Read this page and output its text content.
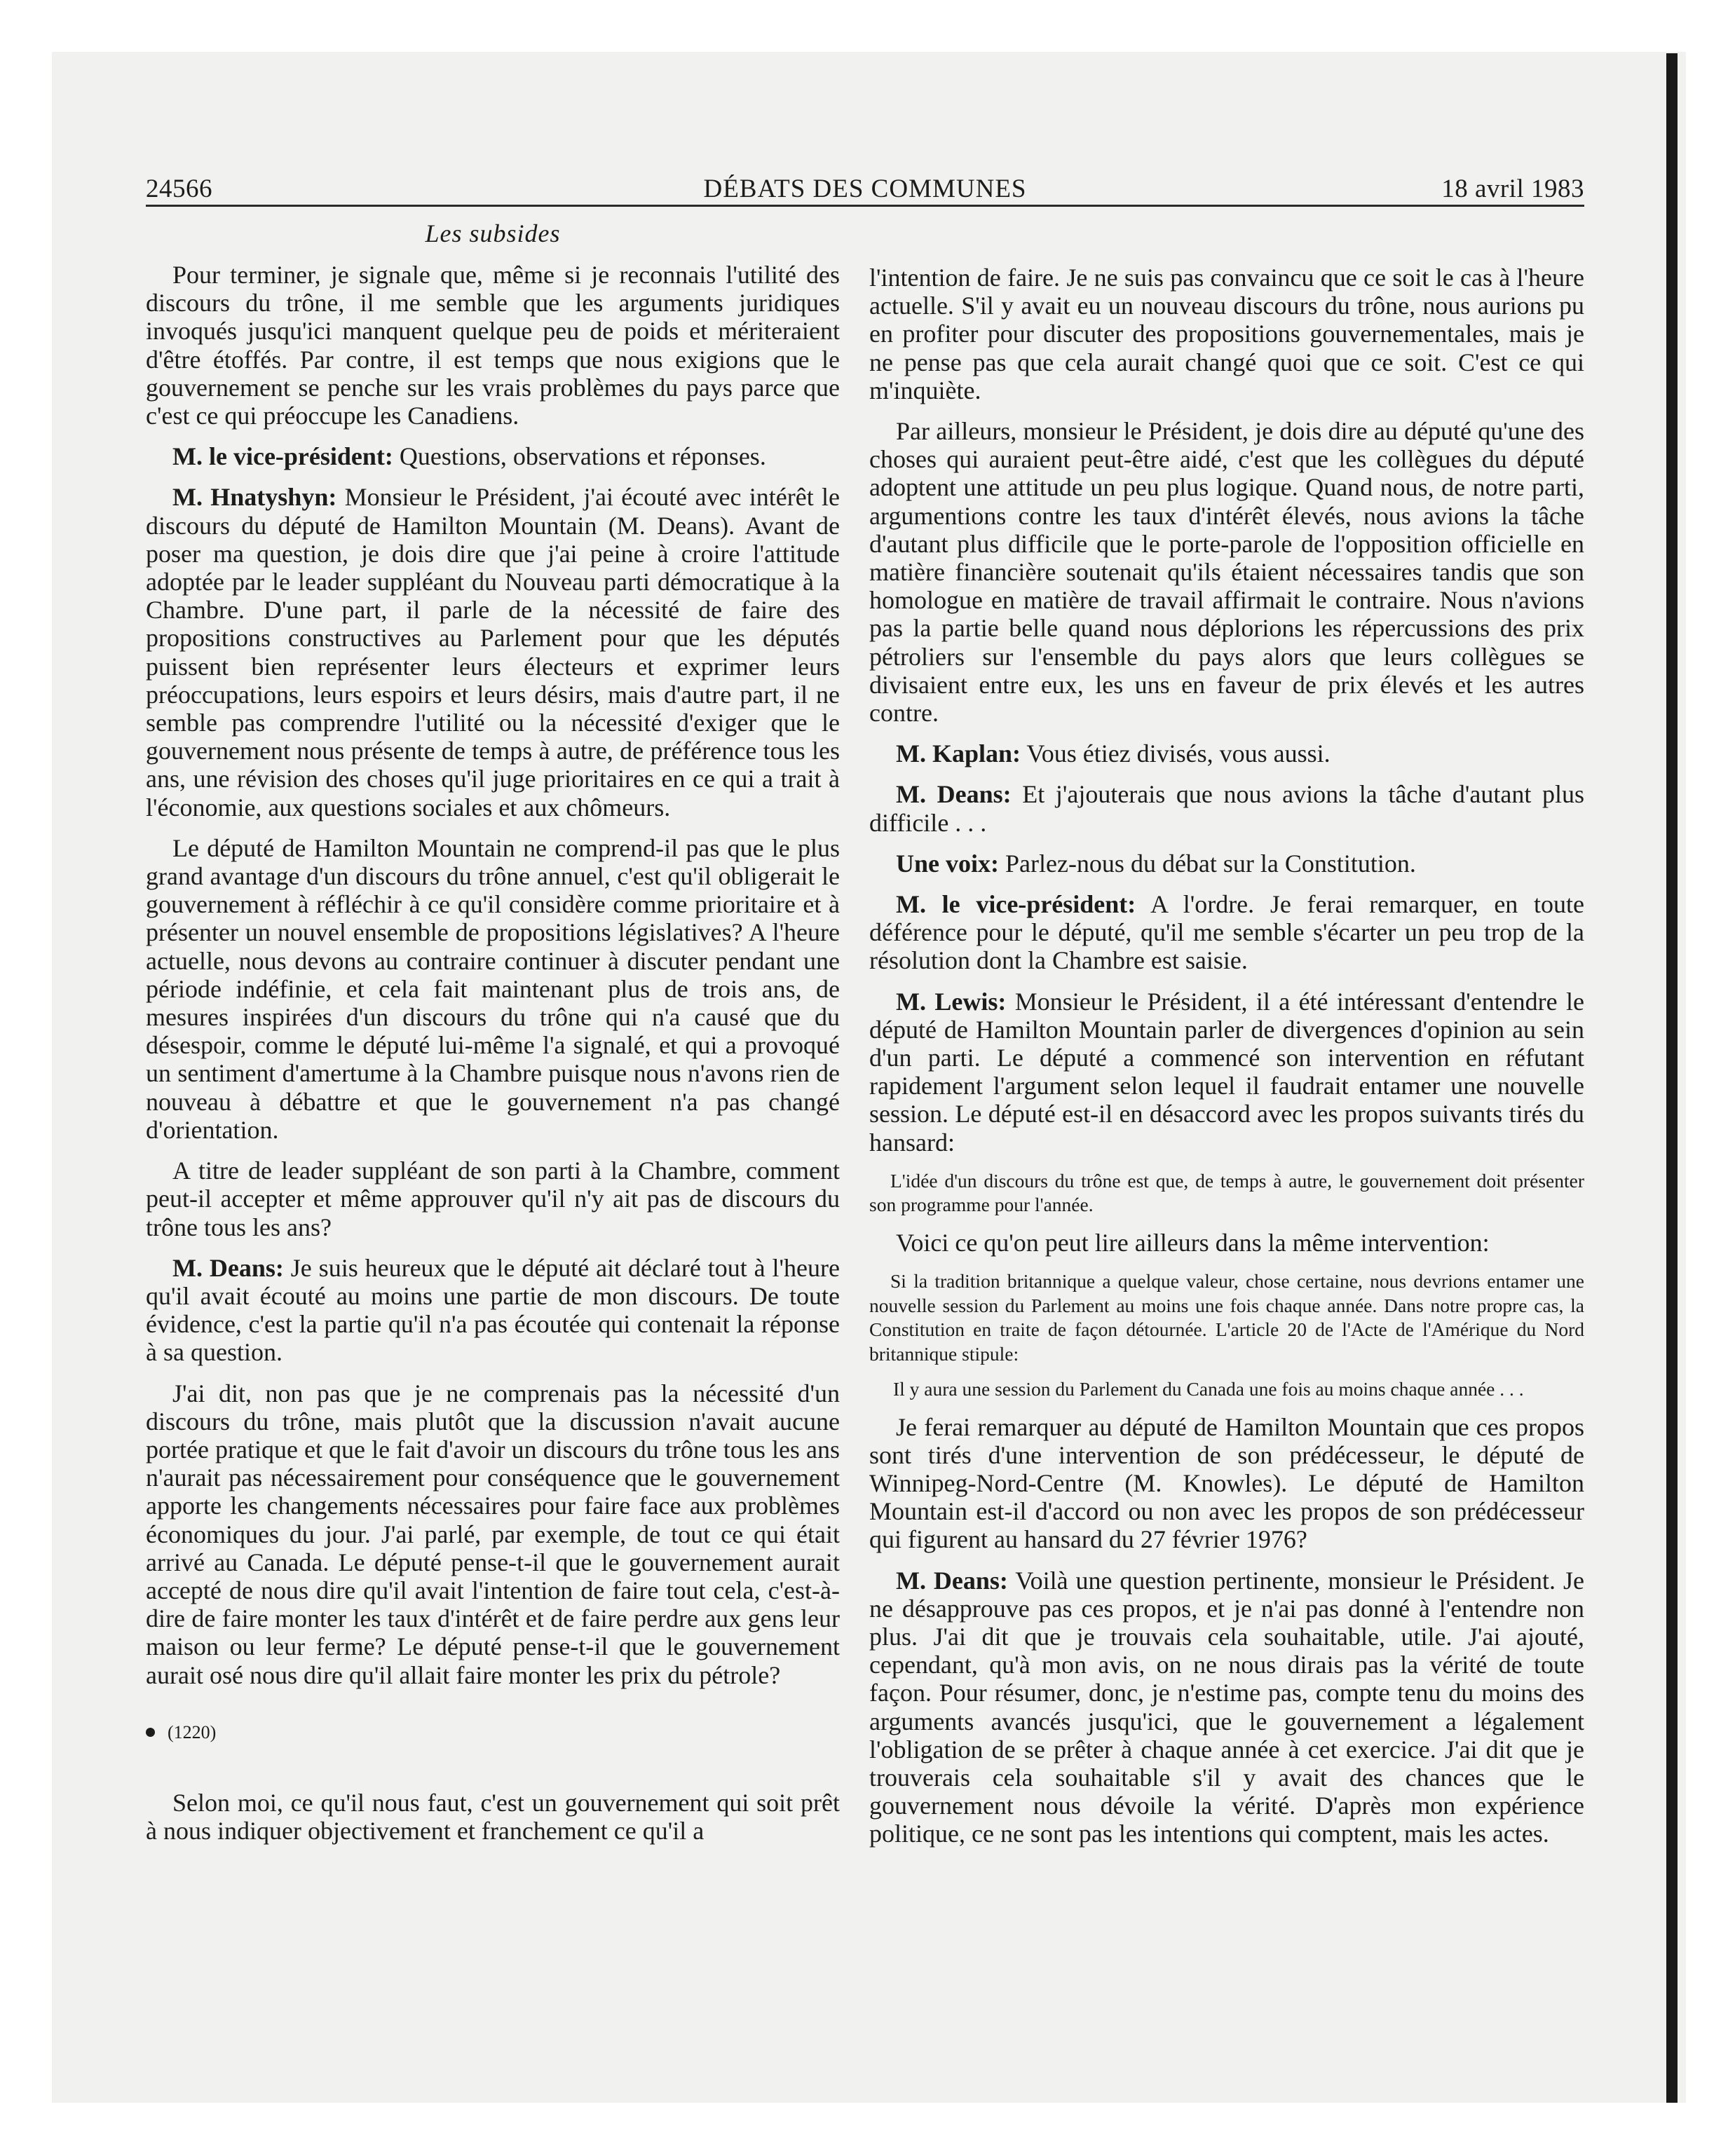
24566	DÉBATS DES COMMUNES	18 avril 1983
Les subsides

Pour terminer, je signale que, même si je reconnais l'utilité des discours du trône, il me semble que les arguments juridiques invoqués jusqu'ici manquent quelque peu de poids et mériteraient d'être étoffés. Par contre, il est temps que nous exigions que le gouvernement se penche sur les vrais problèmes du pays parce que c'est ce qui préoccupe les Canadiens.

M. le vice-président: Questions, observations et réponses.

M. Hnatyshyn: Monsieur le Président, j'ai écouté avec intérêt le discours du député de Hamilton Mountain (M. Deans). Avant de poser ma question, je dois dire que j'ai peine à croire l'attitude adoptée par le leader suppléant du Nouveau parti démocratique à la Chambre. D'une part, il parle de la nécessité de faire des propositions constructives au Parlement pour que les députés puissent bien représenter leurs électeurs et exprimer leurs préoccupations, leurs espoirs et leurs désirs, mais d'autre part, il ne semble pas comprendre l'utilité ou la nécessité d'exiger que le gouvernement nous présente de temps à autre, de préférence tous les ans, une révision des choses qu'il juge prioritaires en ce qui a trait à l'économie, aux questions sociales et aux chômeurs.

Le député de Hamilton Mountain ne comprend-il pas que le plus grand avantage d'un discours du trône annuel, c'est qu'il obligerait le gouvernement à réfléchir à ce qu'il considère comme prioritaire et à présenter un nouvel ensemble de propositions législatives? A l'heure actuelle, nous devons au contraire continuer à discuter pendant une période indéfinie, et cela fait maintenant plus de trois ans, de mesures inspirées d'un discours du trône qui n'a causé que du désespoir, comme le député lui-même l'a signalé, et qui a provoqué un sentiment d'amertume à la Chambre puisque nous n'avons rien de nouveau à débattre et que le gouvernement n'a pas changé d'orientation.

A titre de leader suppléant de son parti à la Chambre, comment peut-il accepter et même approuver qu'il n'y ait pas de discours du trône tous les ans?

M. Deans: Je suis heureux que le député ait déclaré tout à l'heure qu'il avait écouté au moins une partie de mon discours. De toute évidence, c'est la partie qu'il n'a pas écoutée qui contenait la réponse à sa question.

J'ai dit, non pas que je ne comprenais pas la nécessité d'un discours du trône, mais plutôt que la discussion n'avait aucune portée pratique et que le fait d'avoir un discours du trône tous les ans n'aurait pas nécessairement pour conséquence que le gouvernement apporte les changements nécessaires pour faire face aux problèmes économiques du jour. J'ai parlé, par exemple, de tout ce qui était arrivé au Canada. Le député pense-t-il que le gouvernement aurait accepté de nous dire qu'il avait l'intention de faire tout cela, c'est-à-dire de faire monter les taux d'intérêt et de faire perdre aux gens leur maison ou leur ferme? Le député pense-t-il que le gouvernement aurait osé nous dire qu'il allait faire monter les prix du pétrole?

(1220)

Selon moi, ce qu'il nous faut, c'est un gouvernement qui soit prêt à nous indiquer objectivement et franchement ce qu'il a

l'intention de faire. Je ne suis pas convaincu que ce soit le cas à l'heure actuelle. S'il y avait eu un nouveau discours du trône, nous aurions pu en profiter pour discuter des propositions gouvernementales, mais je ne pense pas que cela aurait changé quoi que ce soit. C'est ce qui m'inquiète.

Par ailleurs, monsieur le Président, je dois dire au député qu'une des choses qui auraient peut-être aidé, c'est que les collègues du député adoptent une attitude un peu plus logique. Quand nous, de notre parti, argumentions contre les taux d'intérêt élevés, nous avions la tâche d'autant plus difficile que le porte-parole de l'opposition officielle en matière financière soutenait qu'ils étaient nécessaires tandis que son homologue en matière de travail affirmait le contraire. Nous n'avions pas la partie belle quand nous déplorions les répercussions des prix pétroliers sur l'ensemble du pays alors que leurs collègues se divisaient entre eux, les uns en faveur de prix élevés et les autres contre.

M. Kaplan: Vous étiez divisés, vous aussi.

M. Deans: Et j'ajouterais que nous avions la tâche d'autant plus difficile . . .

Une voix: Parlez-nous du débat sur la Constitution.

M. le vice-président: A l'ordre. Je ferai remarquer, en toute déférence pour le député, qu'il me semble s'écarter un peu trop de la résolution dont la Chambre est saisie.

M. Lewis: Monsieur le Président, il a été intéressant d'entendre le député de Hamilton Mountain parler de divergences d'opinion au sein d'un parti. Le député a commencé son intervention en réfutant rapidement l'argument selon lequel il faudrait entamer une nouvelle session. Le député est-il en désaccord avec les propos suivants tirés du hansard:

L'idée d'un discours du trône est que, de temps à autre, le gouvernement doit présenter son programme pour l'année.

Voici ce qu'on peut lire ailleurs dans la même intervention:

Si la tradition britannique a quelque valeur, chose certaine, nous devrions entamer une nouvelle session du Parlement au moins une fois chaque année. Dans notre propre cas, la Constitution en traite de façon détournée. L'article 20 de l'Acte de l'Amérique du Nord britannique stipule:

Il y aura une session du Parlement du Canada une fois au moins chaque année . . .

Je ferai remarquer au député de Hamilton Mountain que ces propos sont tirés d'une intervention de son prédécesseur, le député de Winnipeg-Nord-Centre (M. Knowles). Le député de Hamilton Mountain est-il d'accord ou non avec les propos de son prédécesseur qui figurent au hansard du 27 février 1976?

M. Deans: Voilà une question pertinente, monsieur le Président. Je ne désapprouve pas ces propos, et je n'ai pas donné à l'entendre non plus. J'ai dit que je trouvais cela souhaitable, utile. J'ai ajouté, cependant, qu'à mon avis, on ne nous dirais pas la vérité de toute façon. Pour résumer, donc, je n'estime pas, compte tenu du moins des arguments avancés jusqu'ici, que le gouvernement a légalement l'obligation de se prêter à chaque année à cet exercice. J'ai dit que je trouverais cela souhaitable s'il y avait des chances que le gouvernement nous dévoile la vérité. D'après mon expérience politique, ce ne sont pas les intentions qui comptent, mais les actes.
